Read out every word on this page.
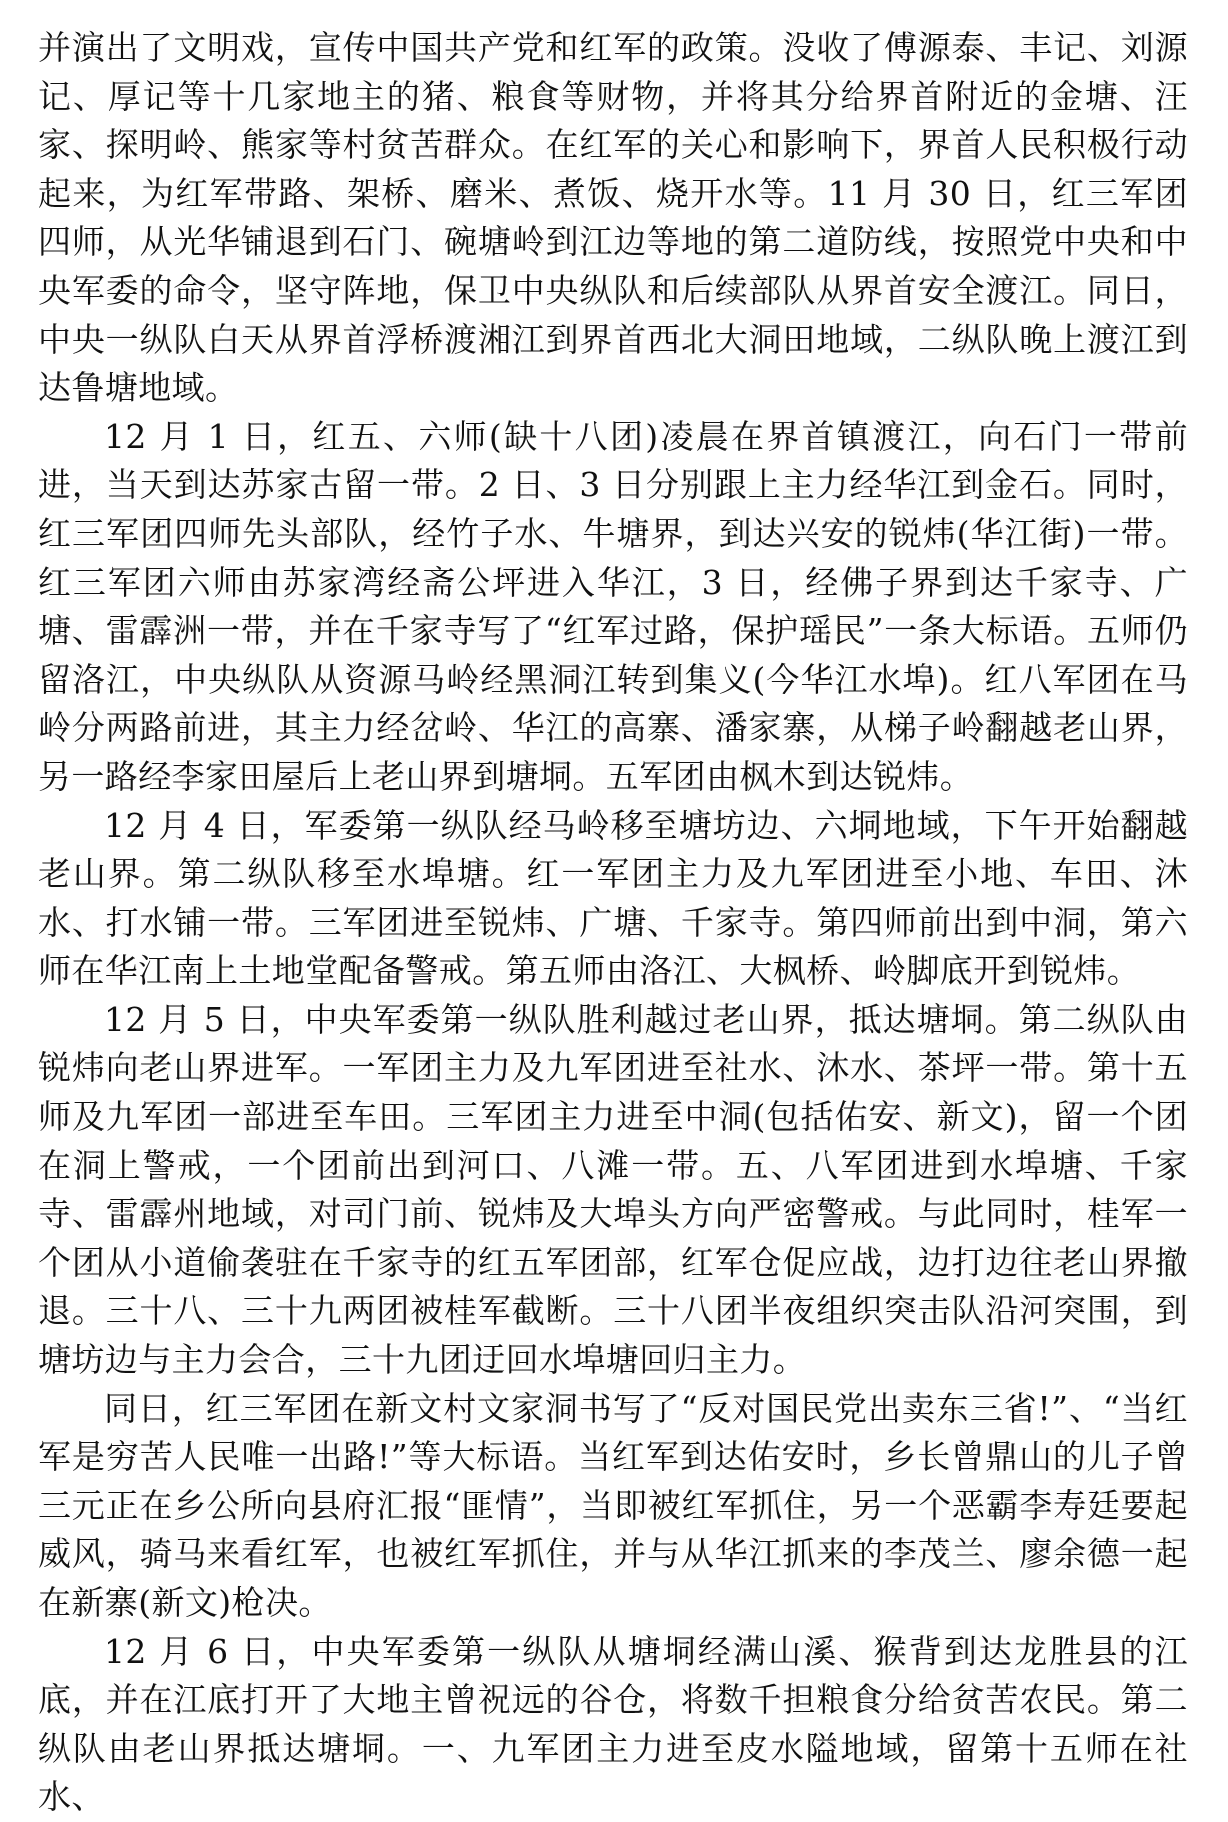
并演出了文明戏，宣传中国共产党和红军的政策。没收了傅源泰、丰记、刘源记、厚记等十几家地主的猪、粮食等财物，并将其分给界首附近的金塘、汪家、探明岭、熊家等村贫苦群众。在红军的关心和影响下，界首人民积极行动起来，为红军带路、架桥、磨米、煮饭、烧开水等。11 月 30 日，红三军团四师，从光华铺退到石门、碗塘岭到江边等地的第二道防线，按照党中央和中央军委的命令，坚守阵地，保卫中央纵队和后续部队从界首安全渡江。同日，中央一纵队白天从界首浮桥渡湘江到界首西北大洞田地域，二纵队晚上渡江到达鲁塘地域。

12 月 1 日，红五、六师(缺十八团)凌晨在界首镇渡江，向石门一带前进，当天到达苏家古留一带。2 日、3 日分别跟上主力经华江到金石。同时，红三军团四师先头部队，经竹子水、牛塘界，到达兴安的锐炜(华江街)一带。红三军团六师由苏家湾经斋公坪进入华江，3 日，经佛子界到达千家寺、广塘、雷霹洲一带，并在千家寺写了“红军过路，保护瑶民”一条大标语。五师仍留洛江，中央纵队从资源马岭经黑洞江转到集义(今华江水埠)。红八军团在马岭分两路前进，其主力经岔岭、华江的高寨、潘家寨，从梯子岭翻越老山界，另一路经李家田屋后上老山界到塘垌。五军团由枫木到达锐炜。

12 月 4 日，军委第一纵队经马岭移至塘坊边、六垌地域，下午开始翻越老山界。第二纵队移至水埠塘。红一军团主力及九军团进至小地、车田、沐水、打水铺一带。三军团进至锐炜、广塘、千家寺。第四师前出到中洞，第六师在华江南上土地堂配备警戒。第五师由洛江、大枫桥、岭脚底开到锐炜。

12 月 5 日，中央军委第一纵队胜利越过老山界，抵达塘垌。第二纵队由锐炜向老山界进军。一军团主力及九军团进至社水、沐水、茶坪一带。第十五师及九军团一部进至车田。三军团主力进至中洞(包括佑安、新文)，留一个团在洞上警戒，一个团前出到河口、八滩一带。五、八军团进到水埠塘、千家寺、雷霹州地域，对司门前、锐炜及大埠头方向严密警戒。与此同时，桂军一个团从小道偷袭驻在千家寺的红五军团部，红军仓促应战，边打边往老山界撤退。三十八、三十九两团被桂军截断。三十八团半夜组织突击队沿河突围，到塘坊边与主力会合，三十九团迂回水埠塘回归主力。

同日，红三军团在新文村文家洞书写了“反对国民党出卖东三省!”、“当红军是穷苦人民唯一出路!”等大标语。当红军到达佑安时，乡长曾鼎山的儿子曾三元正在乡公所向县府汇报“匪情”，当即被红军抓住，另一个恶霸李寿廷要起威风，骑马来看红军，也被红军抓住，并与从华江抓来的李茂兰、廖余德一起在新寨(新文)枪决。

12 月 6 日，中央军委第一纵队从塘垌经满山溪、猴背到达龙胜县的江底，并在江底打开了大地主曾祝远的谷仓，将数千担粮食分给贫苦农民。第二纵队由老山界抵达塘垌。一、九军团主力进至皮水隘地域，留第十五师在社水、
